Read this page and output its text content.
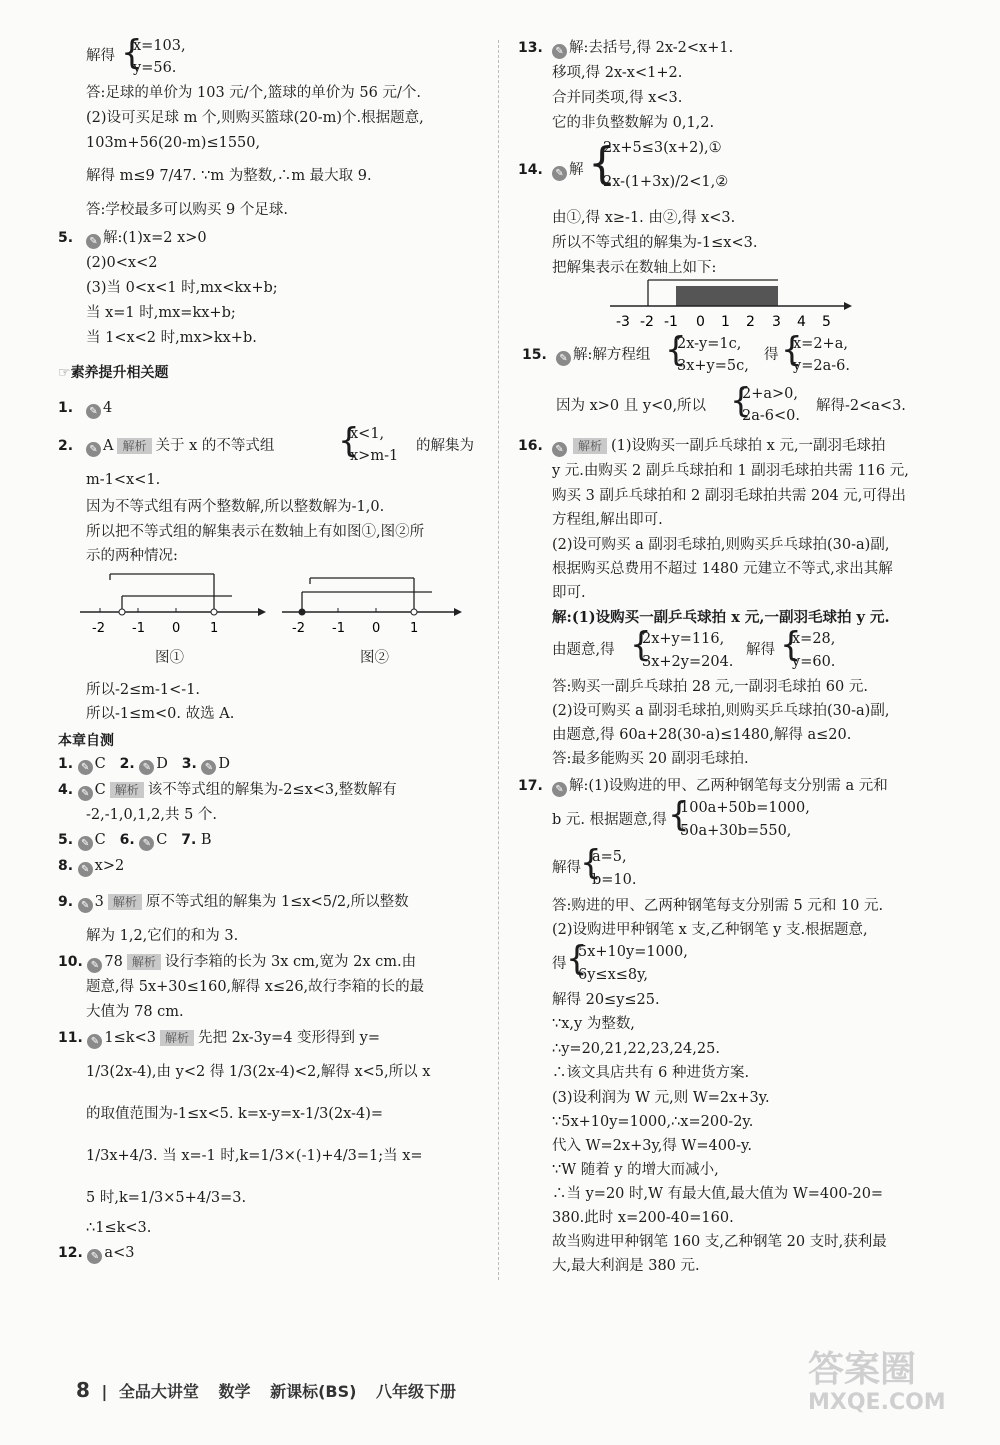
解得 {
x=103,
y=56.
答:足球的单价为 103 元/个,篮球的单价为 56 元/个.
(2)设可买足球 m 个,则购买篮球(20-m)个.根据题意,
103m+56(20-m)≤1550,
解得 m≤9 7/47. ∵m 为整数,∴m 最大取 9.
答:学校最多可以购买 9 个足球.
5.	✎ 解:(1)x=2 x>0
(2)0<x<2
(3)当 0<x<1 时,mx<kx+b;
当 x=1 时,mx=kx+b;
当 1<x<2 时,mx>kx+b.
☞素养提升相关题
1.	✎ 4
2.	✎ A 解析 关于 x 的不等式组 {
x<1,
x>m-1
的解集为
m-1<x<1.
因为不等式组有两个整数解,所以整数解为-1,0.
所以把不等式组的解集表示在数轴上有如图①,图②所
示的两种情况:
-2 -1 0 1
图①
-2 -1 0 1
图②
所以-2≤m-1<-1.
所以-1≤m<0. 故选 A.
本章自测
1. ✎ C 2. ✎ D 3. ✎ D
4. ✎ C 解析 该不等式组的解集为-2≤x<3,整数解有
-2,-1,0,1,2,共 5 个.
5. ✎ C 6. ✎ C 7. B
8. ✎ x>2
9. ✎ 3 解析 原不等式组的解集为 1≤x<5/2,所以整数
解为 1,2,它们的和为 3.
10. ✎ 78 解析 设行李箱的长为 3x cm,宽为 2x cm.由
题意,得 5x+30≤160,解得 x≤26,故行李箱的长的最
大值为 78 cm.
11. ✎ 1≤k<3 解析 先把 2x-3y=4 变形得到 y=
1/3(2x-4),由 y<2 得 1/3(2x-4)<2,解得 x<5,所以 x
的取值范围为-1≤x<5. k=x-y=x-1/3(2x-4)=
1/3x+4/3. 当 x=-1 时,k=1/3×(-1)+4/3=1;当 x=
5 时,k=1/3×5+4/3=3.
∴1≤k<3.
12. ✎ a<3
13.	✎ 解:去括号,得 2x-2<x+1.
移项,得 2x-x<1+2.
合并同类项,得 x<3.
它的非负整数解为 0,1,2.
14.	✎ 解 {
2x+5≤3(x+2),①
2x-(1+3x)/2<1,②
由①,得 x≥-1. 由②,得 x<3.
所以不等式组的解集为-1≤x<3.
把解集表示在数轴上如下:
-3 -2 -1 0 1 2 3 4 5
15.	✎ 解:解方程组 {
2x-y=1c,
3x+y=5c,
得 {
x=2+a,
y=2a-6.
因为 x>0 且 y<0,所以 {
2+a>0,
2a-6<0.
解得-2<a<3.
16.	✎ 解析 (1)设购买一副乒乓球拍 x 元,一副羽毛球拍
y 元.由购买 2 副乒乓球拍和 1 副羽毛球拍共需 116 元,
购买 3 副乒乓球拍和 2 副羽毛球拍共需 204 元,可得出
方程组,解出即可.
(2)设可购买 a 副羽毛球拍,则购买乒乓球拍(30-a)副,
根据购买总费用不超过 1480 元建立不等式,求出其解
即可.
解:(1)设购买一副乒乓球拍 x 元,一副羽毛球拍 y 元.
由题意,得 {
2x+y=116,
3x+2y=204.
解得 {
x=28,
y=60.
答:购买一副乒乓球拍 28 元,一副羽毛球拍 60 元.
(2)设可购买 a 副羽毛球拍,则购买乒乓球拍(30-a)副,
由题意,得 60a+28(30-a)≤1480,解得 a≤20.
答:最多能购买 20 副羽毛球拍.
17.	✎ 解:(1)设购进的甲、乙两种钢笔每支分别需 a 元和
b 元. 根据题意,得 {
100a+50b=1000,
50a+30b=550,
解得 {
a=5,
b=10.
答:购进的甲、乙两种钢笔每支分别需 5 元和 10 元.
(2)设购进甲种钢笔 x 支,乙种钢笔 y 支.根据题意,
得 {
5x+10y=1000,
6y≤x≤8y,
解得 20≤y≤25.
∵x,y 为整数,
∴y=20,21,22,23,24,25.
∴该文具店共有 6 种进货方案.
(3)设利润为 W 元,则 W=2x+3y.
∵5x+10y=1000,∴x=200-2y.
代入 W=2x+3y,得 W=400-y.
∵W 随着 y 的增大而减小,
∴当 y=20 时,W 有最大值,最大值为 W=400-20=
380.此时 x=200-40=160.
故当购进甲种钢笔 160 支,乙种钢笔 20 支时,获利最
大,最大利润是 380 元.
8 | 全品大讲堂 数学 新课标(BS) 八年级下册
答案圈
MXQE.COM
